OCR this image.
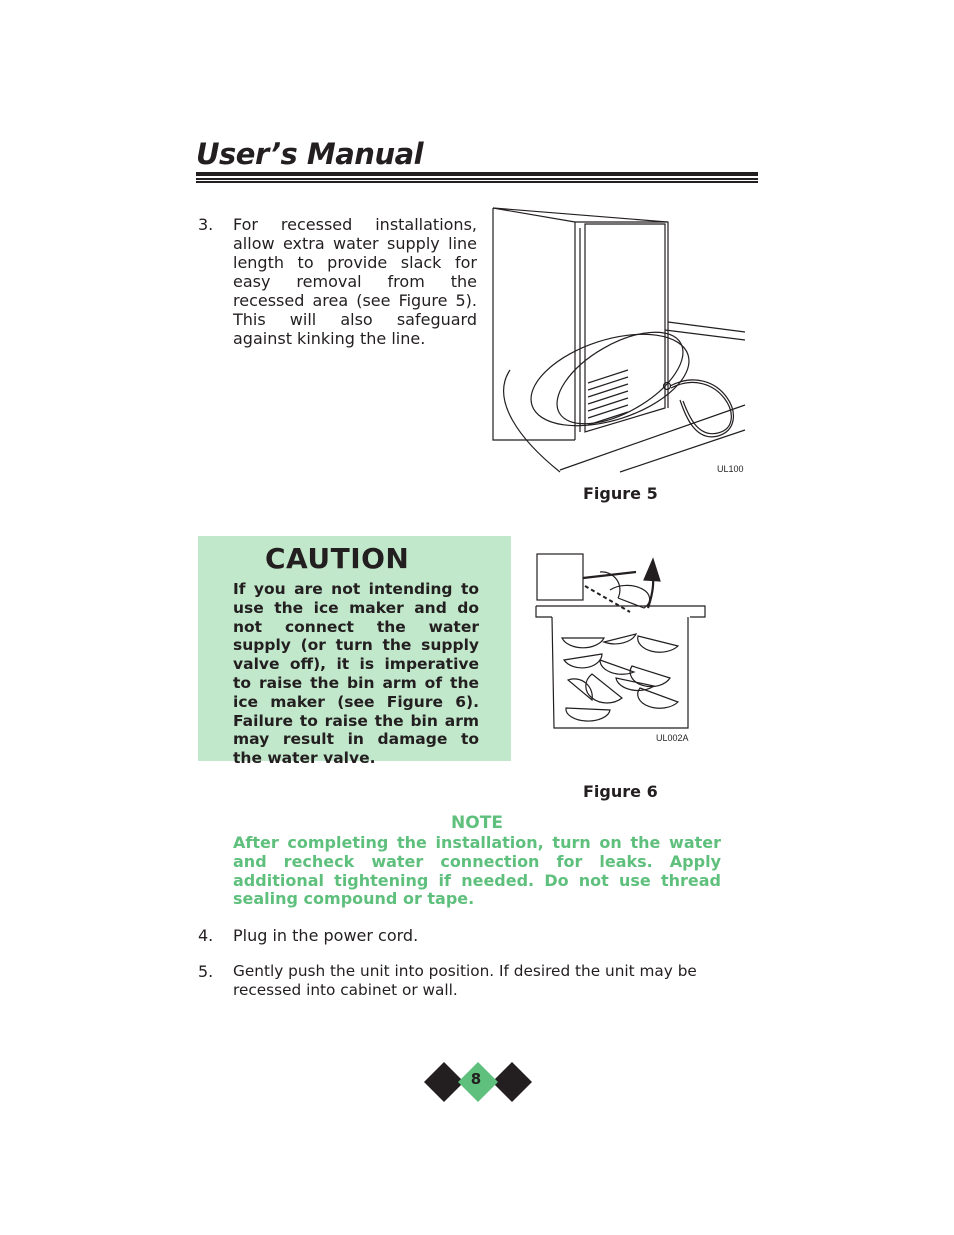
User’s Manual
3. For recessed installations, allow extra water supply line length to provide slack for easy removal from the recessed area (see Figure 5). This will also safeguard against kinking the line.
UL100
Figure 5
CAUTION
If you are not intending to use the ice maker and do not connect the water supply (or turn the supply valve off), it is imperative to raise the bin arm of the ice maker (see Figure 6). Failure to raise the bin arm may result in damage to the water valve.
UL002A
Figure 6
NOTE
After completing the installation, turn on the water and recheck water connection for leaks. Apply additional tightening if needed. Do not use thread sealing compound or tape.
4. Plug in the power cord.
5. Gently push the unit into position. If desired the unit may be recessed into cabinet or wall.
8
